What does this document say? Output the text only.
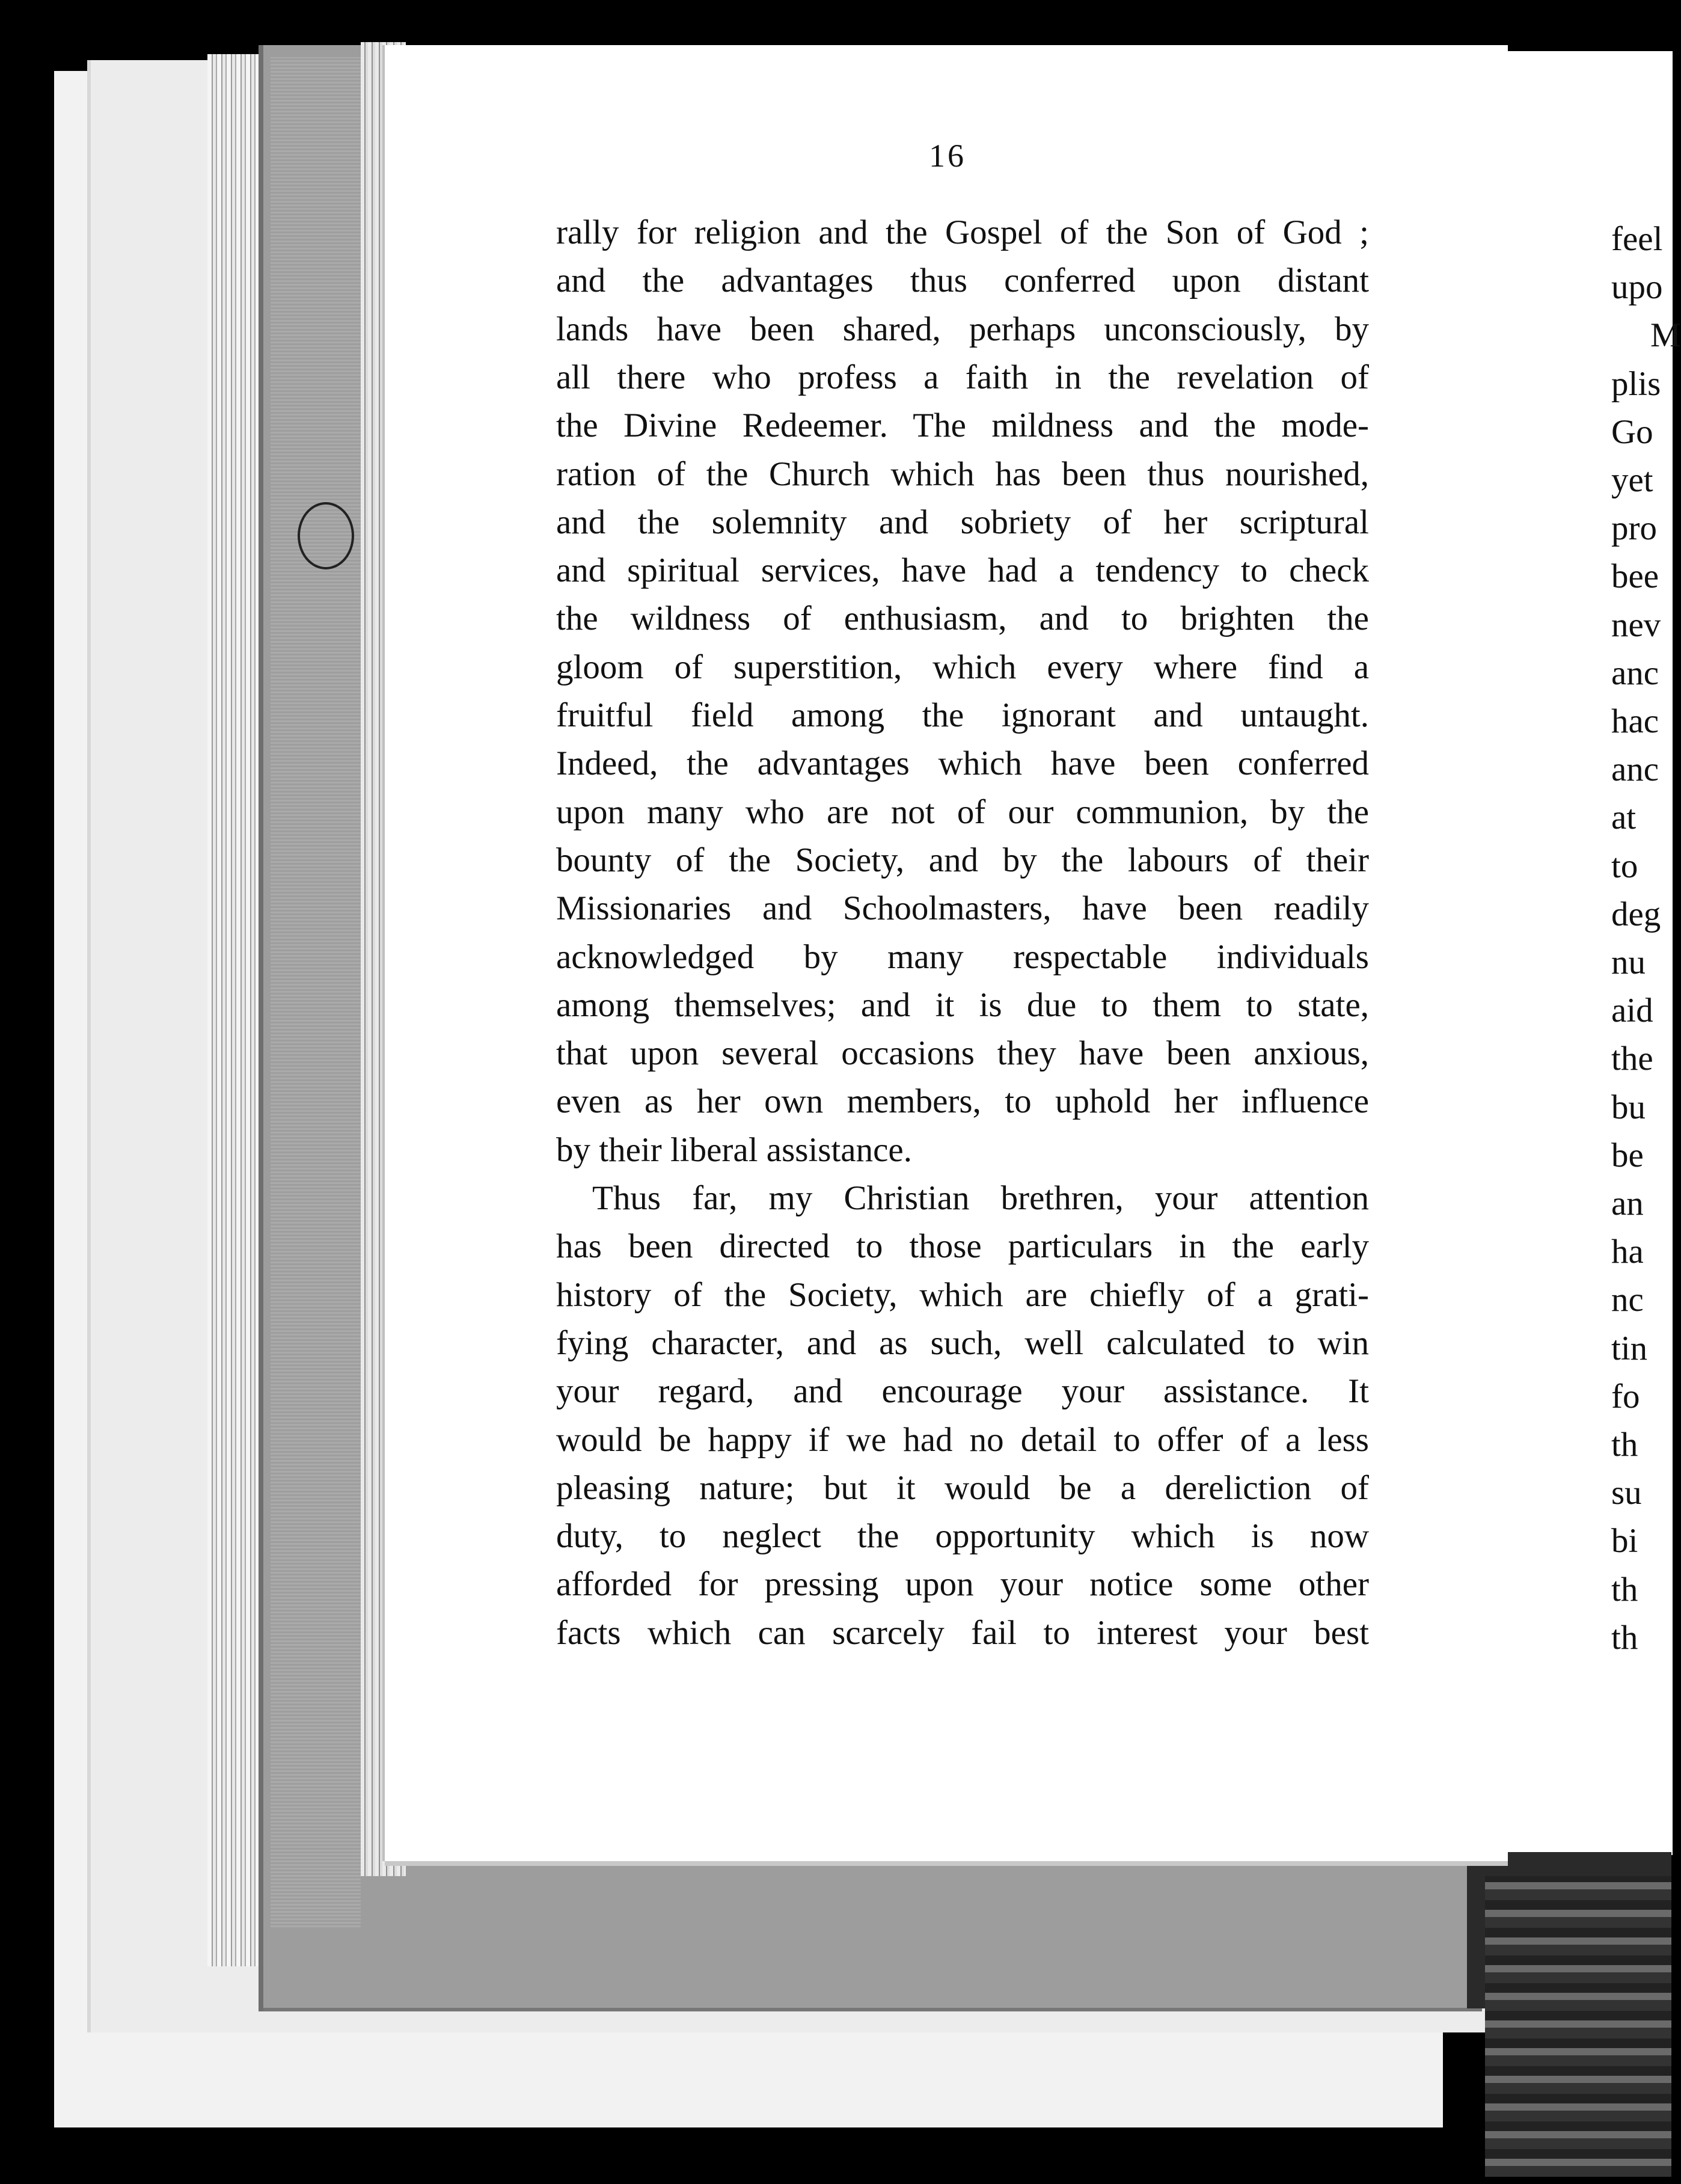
16
rally for religion and the Gospel of the Son of God ;
and the advantages thus conferred upon distant
lands have been shared, perhaps unconsciously, by
all there who profess a faith in the revelation of
the Divine Redeemer. The mildness and the mode-
ration of the Church which has been thus nourished,
and the solemnity and sobriety of her scriptural
and spiritual services, have had a tendency to check
the wildness of enthusiasm, and to brighten the
gloom of superstition, which every where find a
fruitful field among the ignorant and untaught.
Indeed, the advantages which have been conferred
upon many who are not of our communion, by the
bounty of the Society, and by the labours of their
Missionaries and Schoolmasters, have been readily
acknowledged by many respectable individuals
among themselves; and it is due to them to state,
that upon several occasions they have been anxious,
even as her own members, to uphold her influence
by their liberal assistance.
Thus far, my Christian brethren, your attention
has been directed to those particulars in the early
history of the Society, which are chiefly of a grati-
fying character, and as such, well calculated to win
your regard, and encourage your assistance. It
would be happy if we had no detail to offer of a less
pleasing nature; but it would be a dereliction of
duty, to neglect the opportunity which is now
afforded for pressing upon your notice some other
facts which can scarcely fail to interest your best
feel
upo
M
plis
Go
yet
pro
bee
nev
anc
hac
anc
at
to
deg
nu
aid
the
bu
be
an
ha
nc
tin
fo
th
su
bi
th
th
